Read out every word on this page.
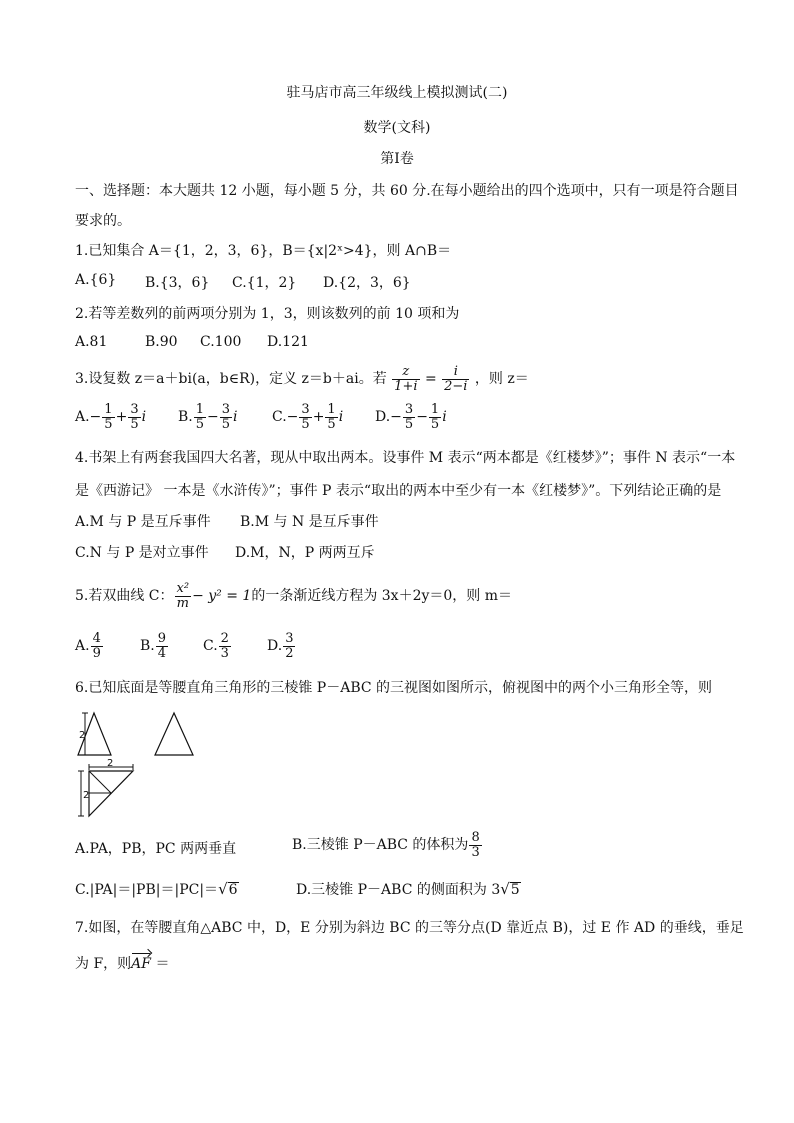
驻马店市高三年级线上模拟测试(二)
数学(文科)
第Ⅰ卷
一、选择题：本大题共 12 小题，每小题 5 分，共 60 分.在每小题给出的四个选项中，只有一项是符合题目
要求的。
1.已知集合 A＝{1，2，3，6}，B＝{x|2ˣ>4}，则 A∩B＝
A.{6} B.{3，6} C.{1，2} D.{2，3，6}
2.若等差数列的前两项分别为 1，3，则该数列的前 10 项和为
A.81	B.90 C.100 D.121
3.设复数 z＝a＋bi(a，b∈R)，定义 z＝b＋ai。若 $\frac{z}{1+i} = \frac{i}{2-i}$ ，则 z＝
$A.- \frac{1}{5} + \frac{3}{5}$ i B. $\frac{1}{5} - \frac{3}{5}$ i $C.- \frac{3}{5} + \frac{1}{5}$ i $D.- \frac{3}{5} - \frac{1}{5}$ i
4.书架上有两套我国四大名著，现从中取出两本。设事件 M 表示“两本都是《红楼梦》”；事件 N 表示“一本
是《西游记》 一本是《水浒传》”；事件 P 表示“取出的两本中至少有一本《红楼梦》”。下列结论正确的是
A.M 与 P 是互斥事件 B.M 与 N 是互斥事件
C.N 与 P 是对立事件 D.M，N，P 两两互斥
5.若双曲线 C： $\frac{\text{x²}}{m} - y^2 = 1$的一条渐近线方程为 3x＋2y＝0，则 m＝
A. $\frac{4}{9}$	B. $\frac{9}{4} C$. $\frac{2}{3}$	D. $\frac{3}{2}$
6.已知底面是等腰直角三角形的三棱锥 P－ABC 的三视图如图所示，俯视图中的两个小三角形全等，则
2
2
2
A.PA，PB，PC 两两垂直	B.三棱锥 P－ABC 的体积为 $\frac{8}{3}$
C.|PA|＝|PB|＝|PC|＝√6	D.三棱锥 P－ABC 的侧面积为 3√5
7.如图，在等腰直角△ABC 中，D，E 分别为斜边 BC 的三等分点(D 靠近点 B)，过 E 作 AD 的垂线，垂足
为 F，则AF ＝
